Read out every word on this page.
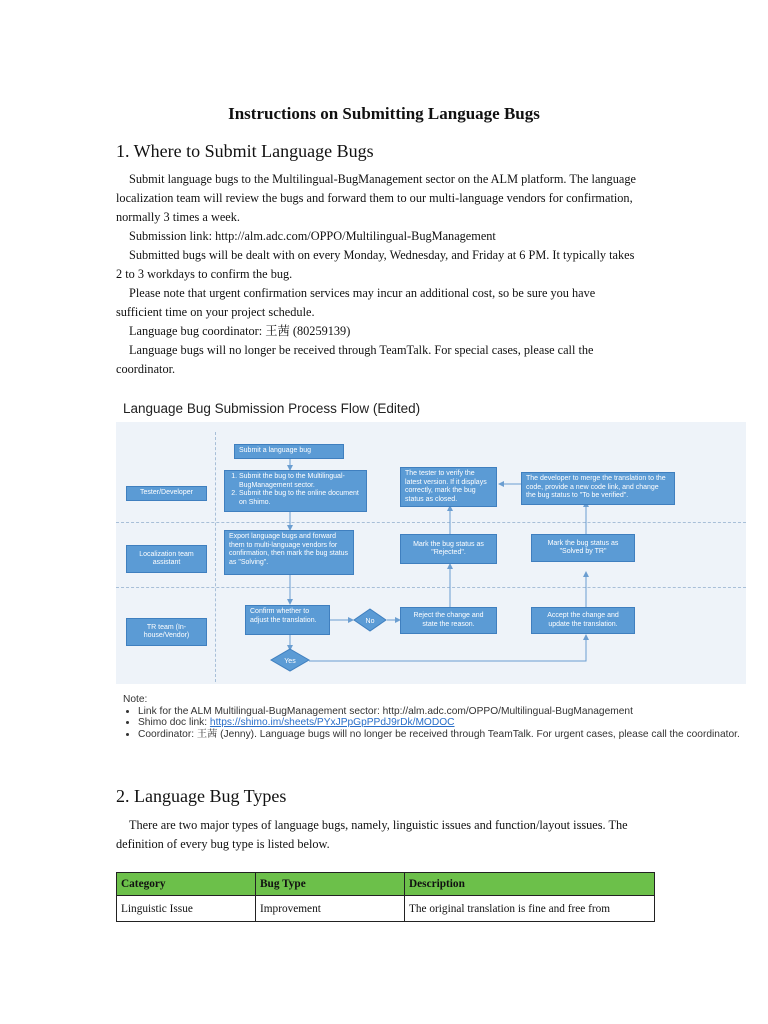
Instructions on Submitting Language Bugs
1. Where to Submit Language Bugs

Submit language bugs to the Multilingual-BugManagement sector on the ALM platform. The language localization team will review the bugs and forward them to our multi-language vendors for confirmation, normally 3 times a week.

Submission link: http://alm.adc.com/OPPO/Multilingual-BugManagement

Submitted bugs will be dealt with on every Monday, Wednesday, and Friday at 6 PM. It typically takes 2 to 3 workdays to confirm the bug.

Please note that urgent confirmation services may incur an additional cost, so be sure you have sufficient time on your project schedule.

Language bug coordinator: 王茜 (80259139)

Language bugs will no longer be received through TeamTalk. For special cases, please call the coordinator.

Language Bug Submission Process Flow (Edited)

Tester/Developer
Localization team assistant
TR team (In-house/Vendor)
Submit a language bug
1. Submit the bug to the Multilingual-BugManagement sector.
2. Submit the bug to the online document on Shimo.
Export language bugs and forward them to multi-language vendors for confirmation, then mark the bug status as "Solving".
Confirm whether to adjust the translation.	No
Yes
Reject the change and state the reason.
Mark the bug status as "Rejected".
The tester to verify the latest version. If it displays correctly, mark the bug status as closed.
Accept the change and update the translation.
Mark the bug status as "Solved by TR"
The developer to merge the translation to the code, provide a new code link, and change the bug status to "To be verified".
Note:
• Link for the ALM Multilingual-BugManagement sector: http://alm.adc.com/OPPO/Multilingual-BugManagement
• Shimo doc link: https://shimo.im/sheets/PYxJPpGpPPdJ9rDk/MODOC
• Coordinator: 王茜 (Jenny). Language bugs will no longer be received through TeamTalk. For urgent cases, please call the coordinator.
2. Language Bug Types

There are two major types of language bugs, namely, linguistic issues and function/layout issues. The definition of every bug type is listed below.

Category	Bug Type	Description
Linguistic Issue	Improvement	The original translation is fine and free from
